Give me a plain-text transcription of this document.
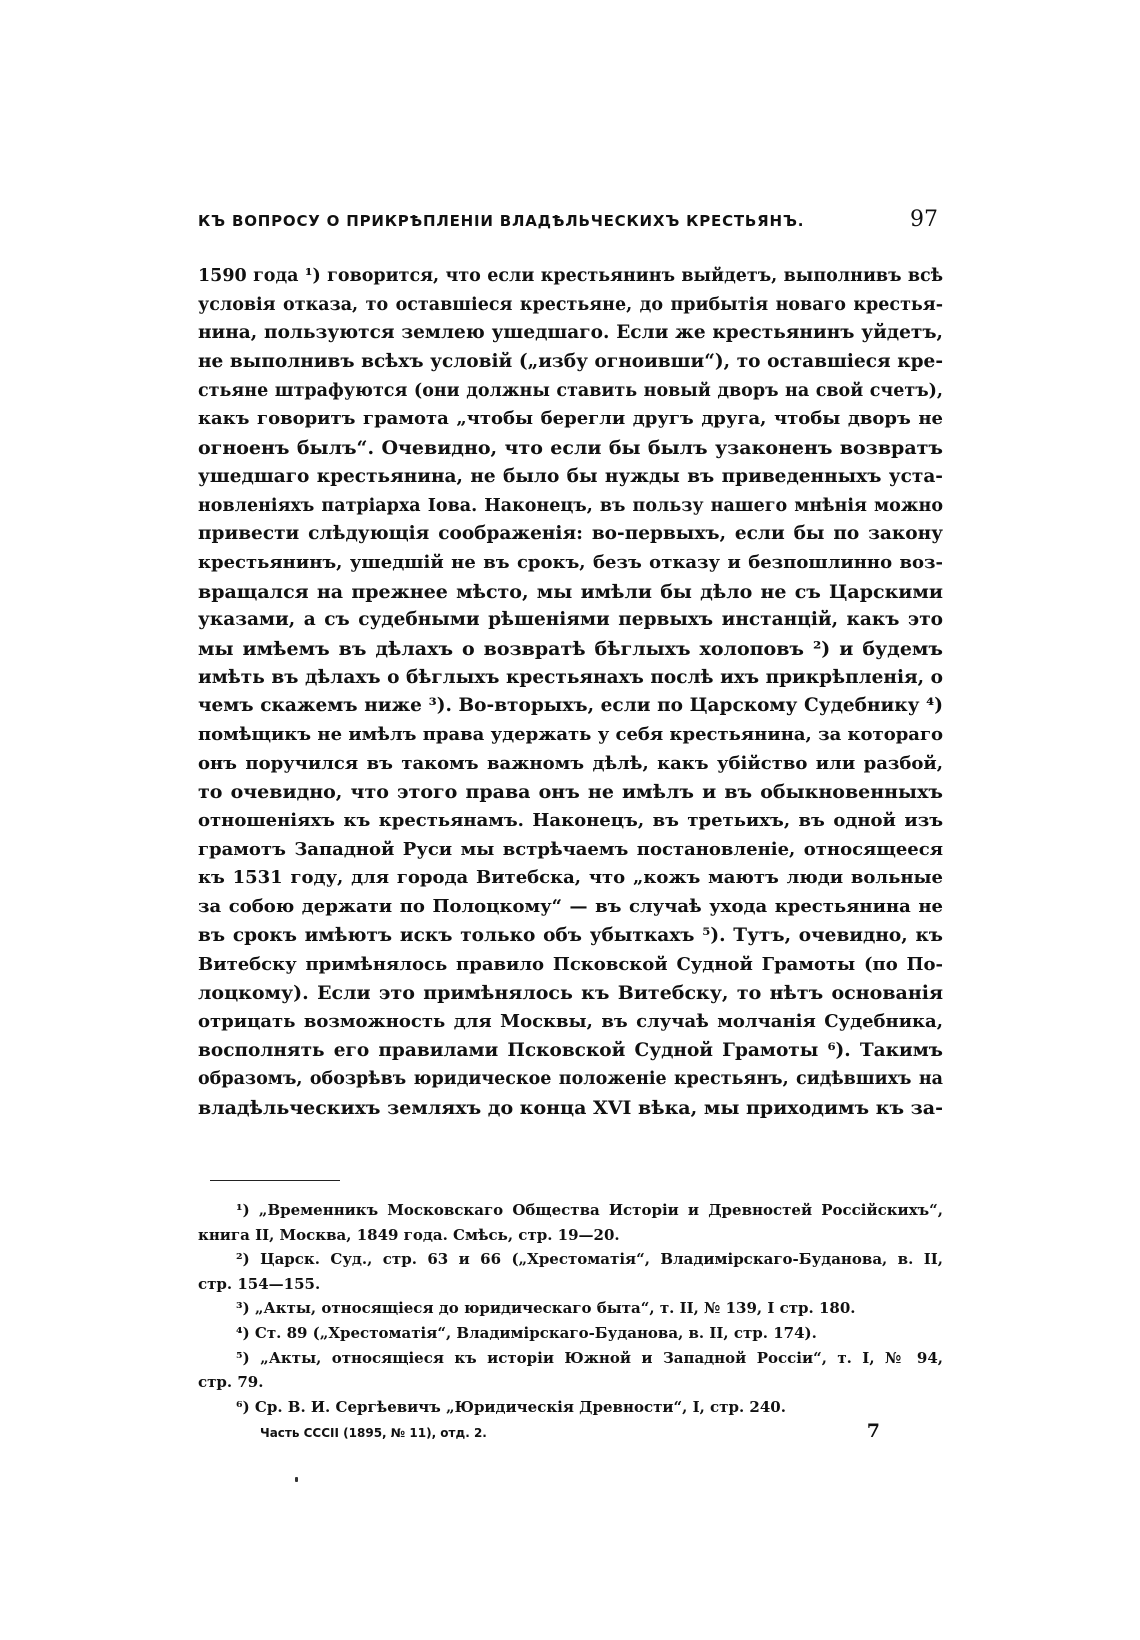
КЪ ВОПРОСУ О ПРИКРѢПЛЕНІИ ВЛАДѢЛЬЧЕСКИХЪ КРЕСТЬЯНЪ.	97
1590 года ¹) говорится, что если крестьянинъ выйдетъ, выполнивъ всѣ
условія отказа, то оставшіеся крестьяне, до прибытія новаго крестья-
нина, пользуются землею ушедшаго. Если же крестьянинъ уйдетъ,
не выполнивъ всѣхъ условій („избу огноивши“), то оставшіеся кре-
стьяне штрафуются (они должны ставить новый дворъ на свой счетъ),
какъ говоритъ грамота „чтобы берегли другъ друга, чтобы дворъ не
огноенъ былъ“. Очевидно, что если бы былъ узаконенъ возвратъ
ушедшаго крестьянина, не было бы нужды въ приведенныхъ уста-
новленіяхъ патріарха Іова. Наконецъ, въ пользу нашего мнѣнія можно
привести слѣдующія соображенія: во-первыхъ, если бы по закону
крестьянинъ, ушедшій не въ срокъ, безъ отказу и безпошлинно воз-
вращался на прежнее мѣсто, мы имѣли бы дѣло не съ Царскими
указами, а съ судебными рѣшеніями первыхъ инстанцій, какъ это
мы имѣемъ въ дѣлахъ о возвратѣ бѣглыхъ холоповъ ²) и будемъ
имѣть въ дѣлахъ о бѣглыхъ крестьянахъ послѣ ихъ прикрѣпленія, о
чемъ скажемъ ниже ³). Во-вторыхъ, если по Царскому Судебнику ⁴)
помѣщикъ не имѣлъ права удержать у себя крестьянина, за котораго
онъ поручился въ такомъ важномъ дѣлѣ, какъ убійство или разбой,
то очевидно, что этого права онъ не имѣлъ и въ обыкновенныхъ
отношеніяхъ къ крестьянамъ. Наконецъ, въ третьихъ, въ одной изъ
грамотъ Западной Руси мы встрѣчаемъ постановленіе, относящееся
къ 1531 году, для города Витебска, что „кожъ маютъ люди вольные
за собою держати по Полоцкому“ — въ случаѣ ухода крестьянина не
въ срокъ имѣютъ искъ только объ убыткахъ ⁵). Тутъ, очевидно, къ
Витебску примѣнялось правило Псковской Судной Грамоты (по По-
лоцкому). Если это примѣнялось къ Витебску, то нѣтъ основанія
отрицать возможность для Москвы, въ случаѣ молчанія Судебника,
восполнять его правилами Псковской Судной Грамоты ⁶). Такимъ
образомъ, обозрѣвъ юридическое положеніе крестьянъ, сидѣвшихъ на
владѣльческихъ земляхъ до конца XVI вѣка, мы приходимъ къ за-
¹) „Временникъ Московскаго Общества Исторіи и Древностей Россійскихъ“,
книга II, Москва, 1849 года. Смѣсь, стр. 19—20.
²) Царск. Суд., стр. 63 и 66 („Хрестоматія“, Владимірскаго-Буданова, в. II,
стр. 154—155.
³) „Акты, относящіеся до юридическаго быта“, т. II, № 139, I стр. 180.
⁴) Ст. 89 („Хрестоматія“, Владимірскаго-Буданова, в. II, стр. 174).
⁵) „Акты, относящіеся къ исторіи Южной и Западной Россіи“, т. I, № 94,
стр. 79.
⁶) Ср. В. И. Сергѣевичъ „Юридическія Древности“, I, стр. 240.
Часть СССII (1895, № 11), отд. 2.	7
